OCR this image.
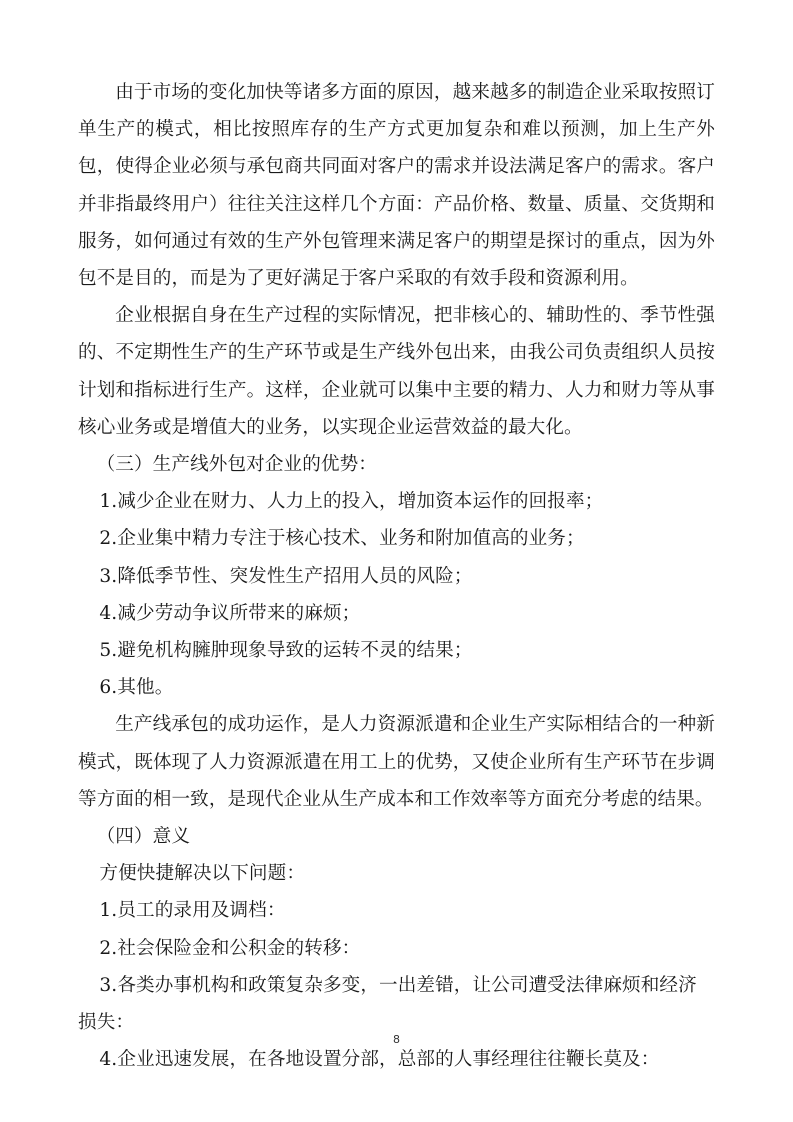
由于市场的变化加快等诸多方面的原因，越来越多的制造企业采取按照订单生产的模式，相比按照库存的生产方式更加复杂和难以预测，加上生产外包，使得企业必须与承包商共同面对客户的需求并设法满足客户的需求。客户并非指最终用户）往往关注这样几个方面：产品价格、数量、质量、交货期和服务，如何通过有效的生产外包管理来满足客户的期望是探讨的重点，因为外包不是目的，而是为了更好满足于客户采取的有效手段和资源利用。

企业根据自身在生产过程的实际情况，把非核心的、辅助性的、季节性强的、不定期性生产的生产环节或是生产线外包出来，由我公司负责组织人员按计划和指标进行生产。这样，企业就可以集中主要的精力、人力和财力等从事核心业务或是增值大的业务，以实现企业运营效益的最大化。

（三）生产线外包对企业的优势：

1.减少企业在财力、人力上的投入，增加资本运作的回报率；

2.企业集中精力专注于核心技术、业务和附加值高的业务；

3.降低季节性、突发性生产招用人员的风险；

4.减少劳动争议所带来的麻烦；

5.避免机构臃肿现象导致的运转不灵的结果；

6.其他。

生产线承包的成功运作，是人力资源派遣和企业生产实际相结合的一种新模式，既体现了人力资源派遣在用工上的优势，又使企业所有生产环节在步调等方面的相一致，是现代企业从生产成本和工作效率等方面充分考虑的结果。

（四）意义

方便快捷解决以下问题：

1.员工的录用及调档：

2.社会保险金和公积金的转移：

3.各类办事机构和政策复杂多变，一出差错，让公司遭受法律麻烦和经济损失：

4.企业迅速发展，在各地设置分部，总部的人事经理往往鞭长莫及：

8
